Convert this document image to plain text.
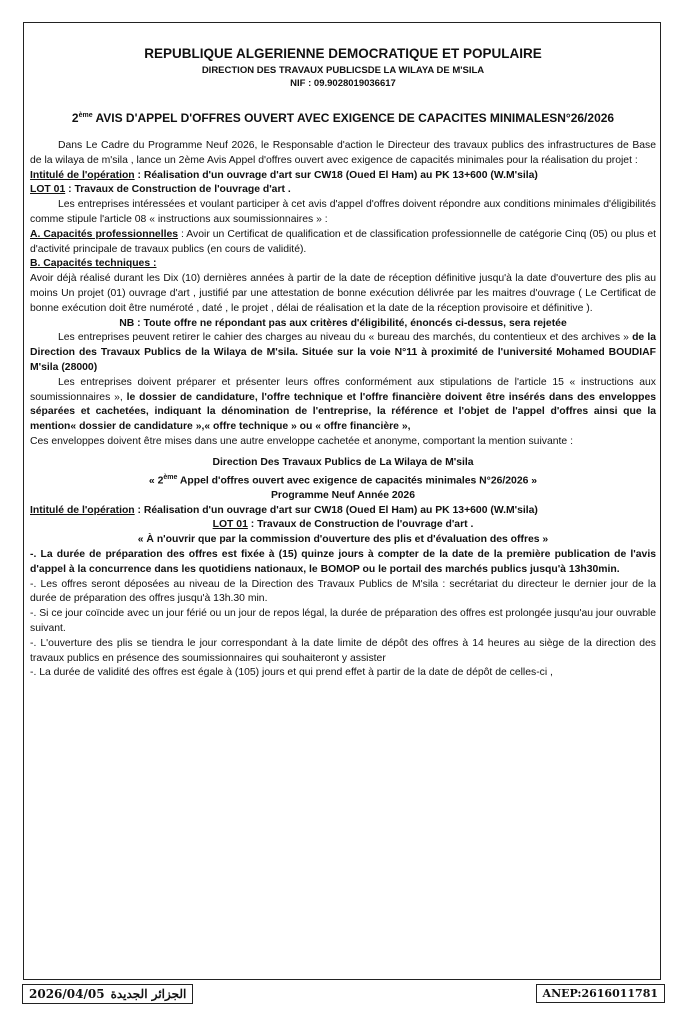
REPUBLIQUE ALGERIENNE DEMOCRATIQUE ET POPULAIRE
DIRECTION DES TRAVAUX PUBLICSDE LA WILAYA DE M'SILA
NIF : 09.9028019036617
2ème AVIS D'APPEL D'OFFRES OUVERT AVEC EXIGENCE DE CAPACITES MINIMALESN°26/2026

Dans Le Cadre du Programme Neuf 2026, le Responsable d'action le Directeur des travaux publics des infrastructures de Base de la wilaya de m'sila , lance un 2ème Avis Appel d'offres ouvert avec exigence de capacités minimales pour la réalisation du projet :

Intitulé de l'opération : Réalisation d'un ouvrage d'art sur CW18 (Oued El Ham) au PK 13+600 (W.M'sila)

LOT 01 : Travaux de Construction de l'ouvrage d'art .

Les entreprises intéressées et voulant participer à cet avis d'appel d'offres doivent répondre aux conditions minimales d'éligibilités comme stipule l'article 08 « instructions aux soumissionnaires » :

A. Capacités professionnelles : Avoir un Certificat de qualification et de classification professionnelle de catégorie Cinq (05) ou plus et d'activité principale de travaux publics (en cours de validité).

B. Capacités techniques :

Avoir déjà réalisé durant les Dix (10) dernières années à partir de la date de réception définitive jusqu'à la date d'ouverture des plis au moins Un projet (01) ouvrage d'art , justifié par une attestation de bonne exécution délivrée par les maitres d'ouvrage ( Le Certificat de bonne exécution doit être numéroté , daté , le projet , délai de réalisation et la date de la réception provisoire et définitive ).

NB : Toute offre ne répondant pas aux critères d'éligibilité, énoncés ci-dessus, sera rejetée

Les entreprises peuvent retirer le cahier des charges au niveau du « bureau des marchés, du contentieux et des archives » de la Direction des Travaux Publics de la Wilaya de M'sila. Située sur la voie N°11 à proximité de l'université Mohamed BOUDIAF M'sila (28000)

Les entreprises doivent préparer et présenter leurs offres conformément aux stipulations de l'article 15 « instructions aux soumissionnaires », le dossier de candidature, l'offre technique et l'offre financière doivent être insérés dans des enveloppes séparées et cachetées, indiquant la dénomination de l'entreprise, la référence et l'objet de l'appel d'offres ainsi que la mention« dossier de candidature »,« offre technique » ou « offre financière »,

Ces enveloppes doivent être mises dans une autre enveloppe cachetée et anonyme, comportant la mention suivante :

Direction Des Travaux Publics de La Wilaya de M'sila

« 2ème Appel d'offres ouvert avec exigence de capacités minimales N°26/2026 »

Programme Neuf Année 2026

Intitulé de l'opération : Réalisation d'un ouvrage d'art sur CW18 (Oued El Ham) au PK 13+600 (W.M'sila)

LOT 01 : Travaux de Construction de l'ouvrage d'art .

« À n'ouvrir que par la commission d'ouverture des plis et d'évaluation des offres »

-. La durée de préparation des offres est fixée à (15) quinze jours à compter de la date de la première publication de l'avis d'appel à la concurrence dans les quotidiens nationaux, le BOMOP ou le portail des marchés publics jusqu'à 13h30min.

-. Les offres seront déposées au niveau de la Direction des Travaux Publics de M'sila : secrétariat du directeur le dernier jour de la durée de préparation des offres jusqu'à 13h.30 min.

-. Si ce jour coïncide avec un jour férié ou un jour de repos légal, la durée de préparation des offres est prolongée jusqu'au jour ouvrable suivant.

-. L'ouverture des plis se tiendra le jour correspondant à la date limite de dépôt des offres à 14 heures au siège de la direction des travaux publics en présence des soumissionnaires qui souhaiteront y assister

-. La durée de validité des offres est égale à (105) jours et qui prend effet à partir de la date de dépôt de celles-ci ,

2026/04/05 الجزائر الجديدة	ANEP:2616011781
